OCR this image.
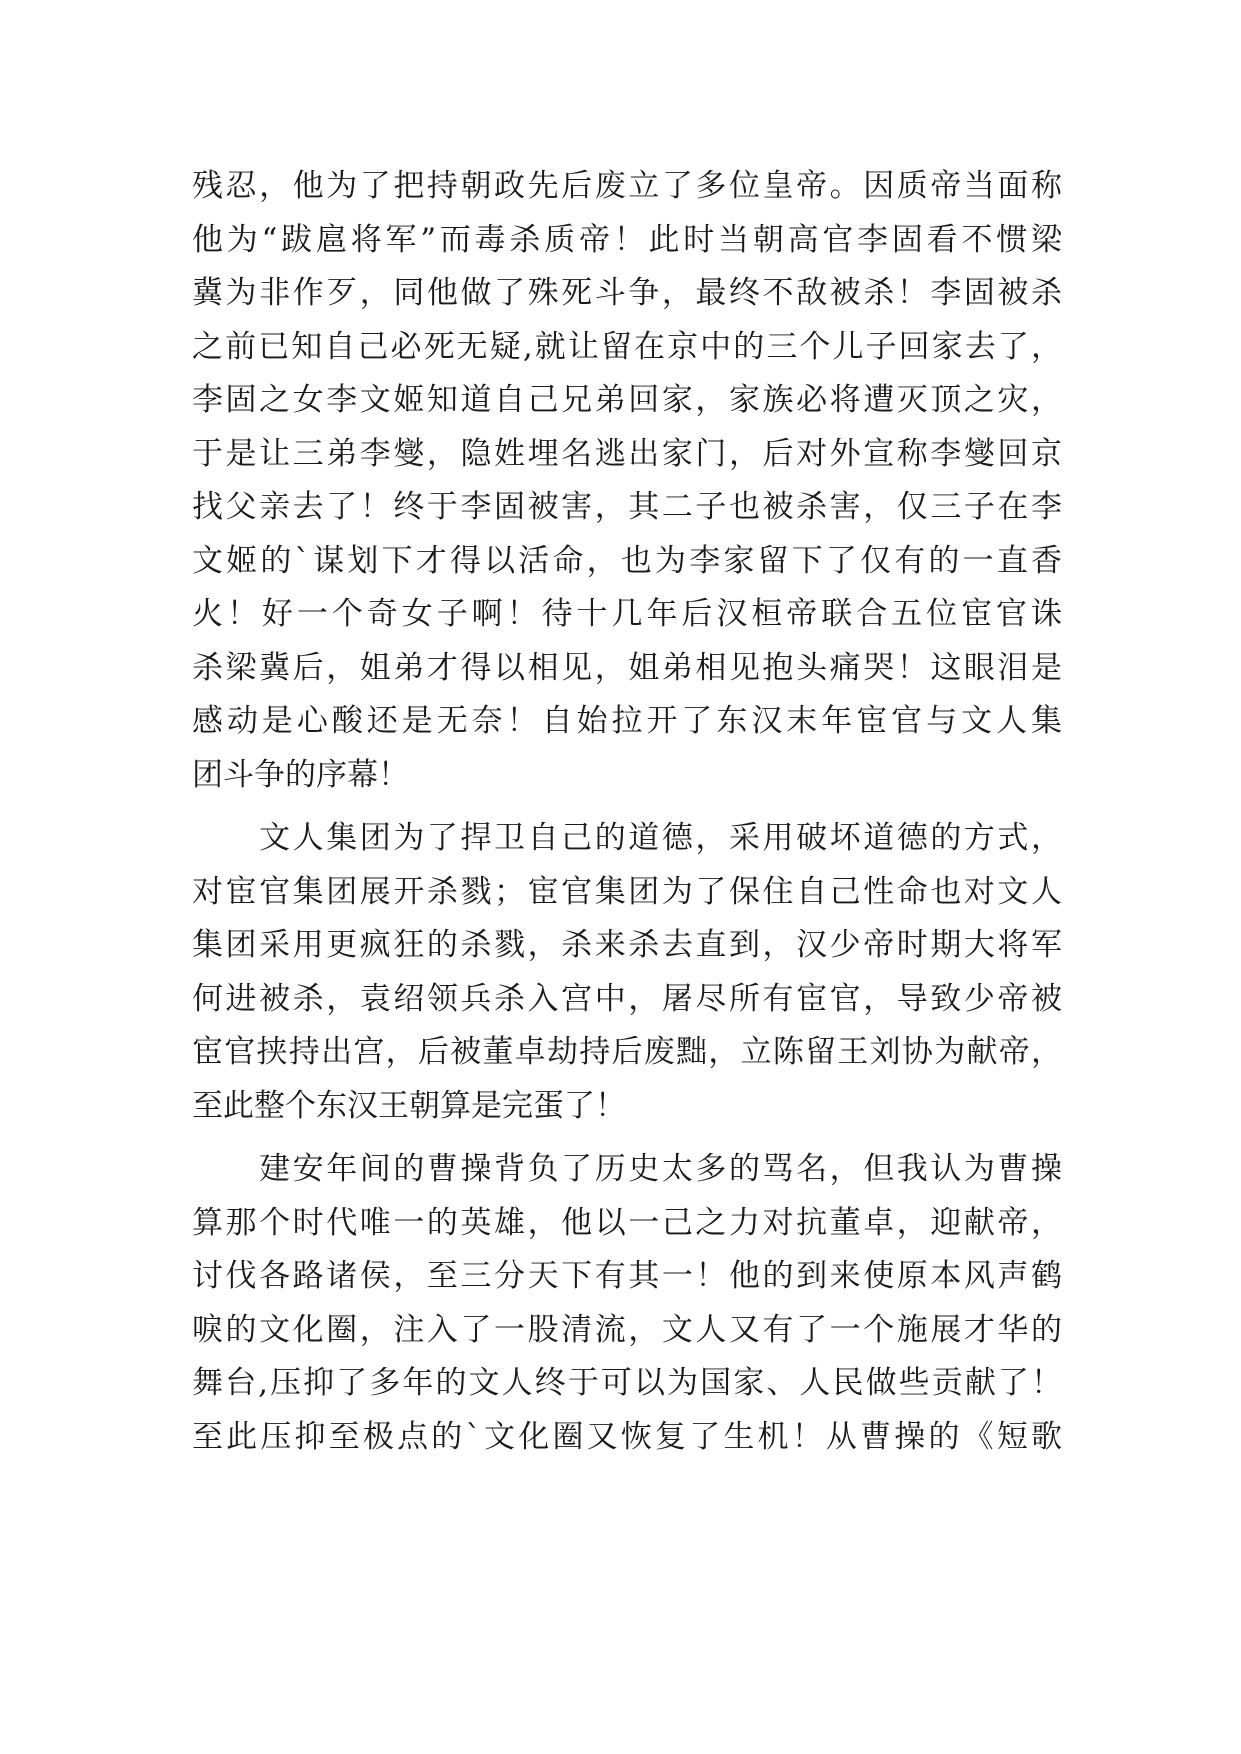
残忍，他为了把持朝政先后废立了多位皇帝。因质帝当面称
他为“跋扈将军”而毒杀质帝！此时当朝高官李固看不惯梁
冀为非作歹，同他做了殊死斗争，最终不敌被杀！李固被杀
之前已知自己必死无疑,就让留在京中的三个儿子回家去了，
李固之女李文姬知道自己兄弟回家，家族必将遭灭顶之灾，
于是让三弟李燮，隐姓埋名逃出家门，后对外宣称李燮回京
找父亲去了！终于李固被害，其二子也被杀害，仅三子在李
文姬的`谋划下才得以活命，也为李家留下了仅有的一直香
火！好一个奇女子啊！待十几年后汉桓帝联合五位宦官诛
杀梁冀后，姐弟才得以相见，姐弟相见抱头痛哭！这眼泪是
感动是心酸还是无奈！自始拉开了东汉末年宦官与文人集
团斗争的序幕！
　　文人集团为了捍卫自己的道德，采用破坏道德的方式，
对宦官集团展开杀戮；宦官集团为了保住自己性命也对文人
集团采用更疯狂的杀戮，杀来杀去直到，汉少帝时期大将军
何进被杀，袁绍领兵杀入宫中，屠尽所有宦官，导致少帝被
宦官挟持出宫，后被董卓劫持后废黜，立陈留王刘协为献帝，
至此整个东汉王朝算是完蛋了！
　　建安年间的曹操背负了历史太多的骂名，但我认为曹操
算那个时代唯一的英雄，他以一己之力对抗董卓，迎献帝，
讨伐各路诸侯，至三分天下有其一！他的到来使原本风声鹤
唳的文化圈，注入了一股清流，文人又有了一个施展才华的
舞台,压抑了多年的文人终于可以为国家、人民做些贡献了！
至此压抑至极点的`文化圈又恢复了生机！从曹操的《短歌
